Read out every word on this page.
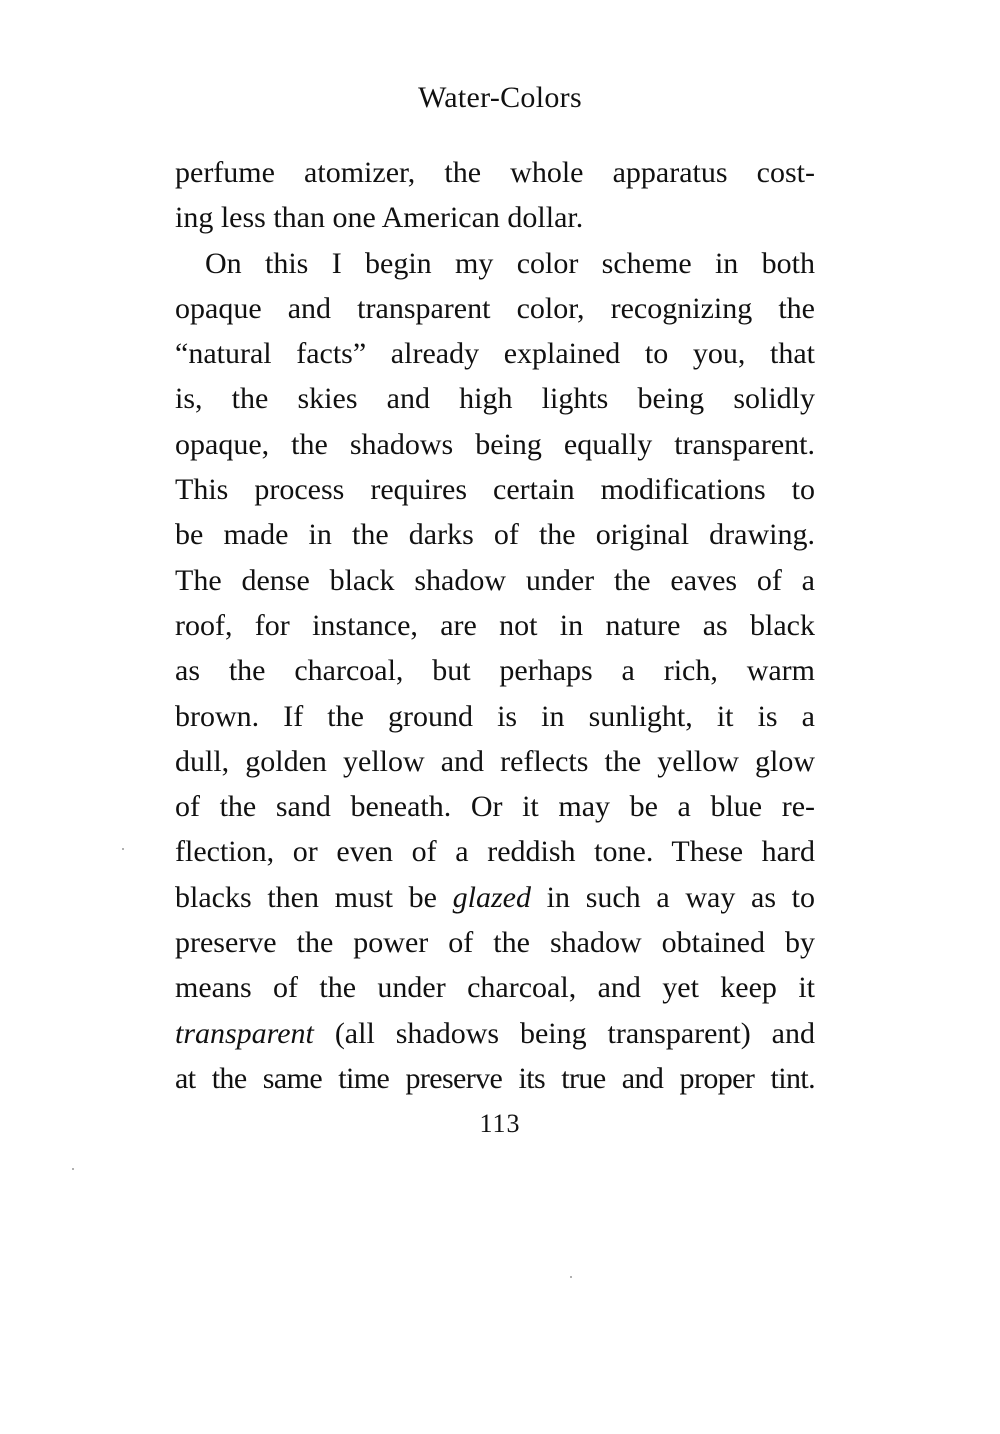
Water-Colors
perfume atomizer, the whole apparatus cost-
ing less than one American dollar.
On this I begin my color scheme in both
opaque and transparent color, recognizing the
“natural facts” already explained to you, that
is, the skies and high lights being solidly
opaque, the shadows being equally transparent.
This process requires certain modifications to
be made in the darks of the original drawing.
The dense black shadow under the eaves of a
roof, for instance, are not in nature as black
as the charcoal, but perhaps a rich, warm
brown. If the ground is in sunlight, it is a
dull, golden yellow and reflects the yellow glow
of the sand beneath. Or it may be a blue re-
flection, or even of a reddish tone. These hard
blacks then must be glazed in such a way as to
preserve the power of the shadow obtained by
means of the under charcoal, and yet keep it
transparent (all shadows being transparent) and
at the same time preserve its true and proper tint.
113
